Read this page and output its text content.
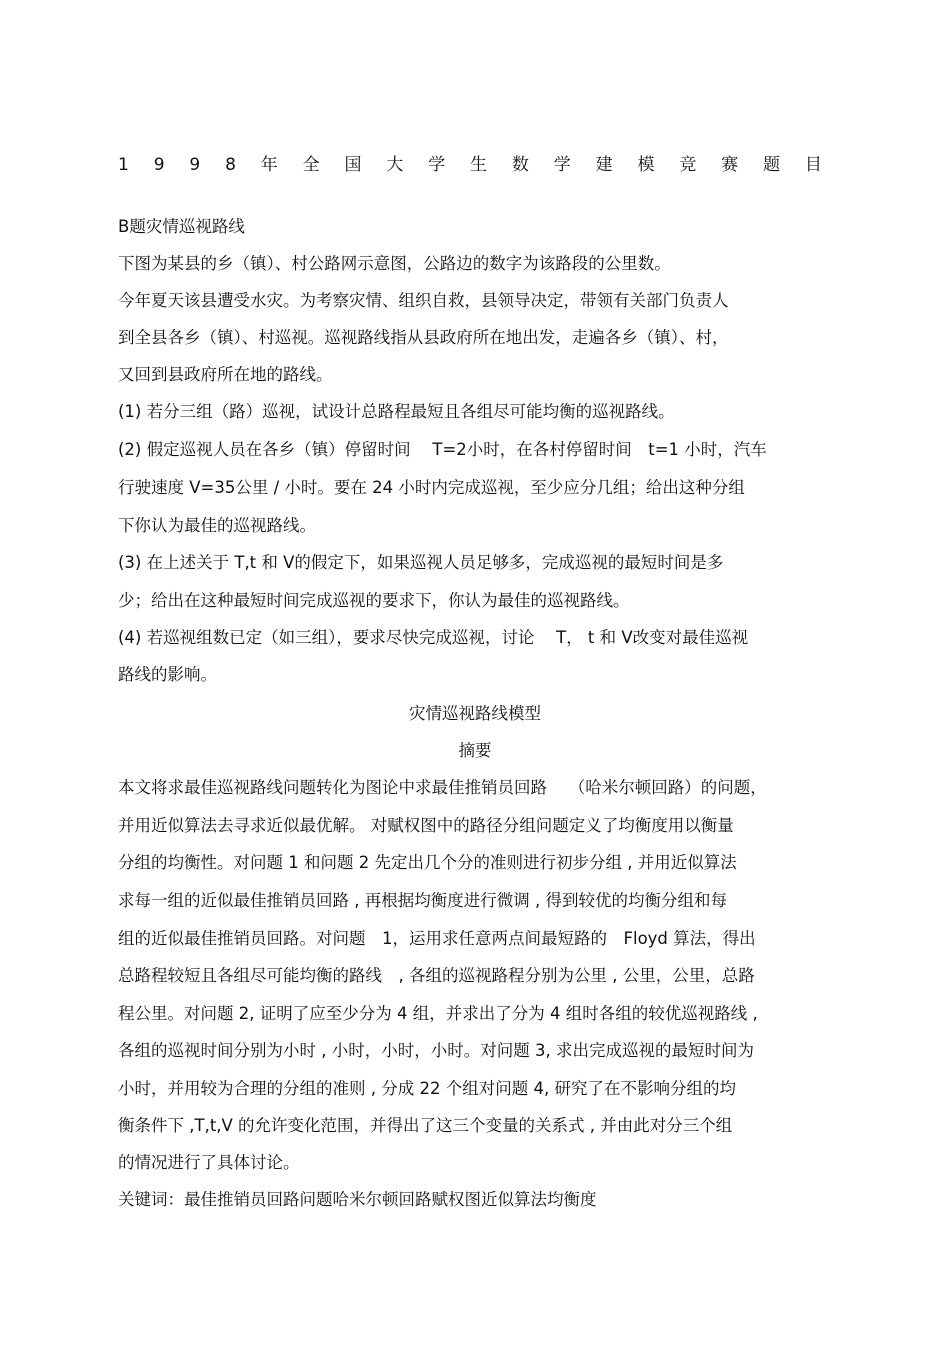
1 9 9 8 年 全 国 大 学 生 数 学 建 模 竞 赛 题 目
B题灾情巡视路线
下图为某县的乡（镇）、村公路网示意图，公路边的数字为该路段的公里数。
今年夏天该县遭受水灾。为考察灾情、组织自救，县领导决定，带领有关部门负责人
到全县各乡（镇）、村巡视。巡视路线指从县政府所在地出发，走遍各乡（镇）、村，
又回到县政府所在地的路线。
(1) 若分三组（路）巡视，试设计总路程最短且各组尽可能均衡的巡视路线。
(2) 假定巡视人员在各乡（镇）停留时间　 T=2小时，在各村停留时间　t=1 小时，汽车
行驶速度 V=35公里 / 小时。要在 24 小时内完成巡视，至少应分几组；给出这种分组
下你认为最佳的巡视路线。
(3) 在上述关于 T,t 和 V的假定下，如果巡视人员足够多，完成巡视的最短时间是多
少；给出在这种最短时间完成巡视的要求下，你认为最佳的巡视路线。
(4) 若巡视组数已定（如三组），要求尽快完成巡视，讨论　 T， t 和 V改变对最佳巡视
路线的影响。
灾情巡视路线模型
摘要
本文将求最佳巡视路线问题转化为图论中求最佳推销员回路　 （哈米尔顿回路）的问题，
并用近似算法去寻求近似最优解。 对赋权图中的路径分组问题定义了均衡度用以衡量
分组的均衡性。对问题 1 和问题 2 先定出几个分的准则进行初步分组 , 并用近似算法
求每一组的近似最佳推销员回路 , 再根据均衡度进行微调 , 得到较优的均衡分组和每
组的近似最佳推销员回路。对问题　1，运用求任意两点间最短路的　Floyd 算法，得出
总路程较短且各组尽可能均衡的路线　, 各组的巡视路程分别为公里 , 公里，公里，总路
程公里。对问题 2, 证明了应至少分为 4 组，并求出了分为 4 组时各组的较优巡视路线 ,
各组的巡视时间分别为小时 , 小时，小时，小时。对问题 3, 求出完成巡视的最短时间为
小时，并用较为合理的分组的准则 , 分成 22 个组对问题 4, 研究了在不影响分组的均
衡条件下 ,T,t,V 的允许变化范围，并得出了这三个变量的关系式 , 并由此对分三个组
的情况进行了具体讨论。
关键词：最佳推销员回路问题哈米尔顿回路赋权图近似算法均衡度
